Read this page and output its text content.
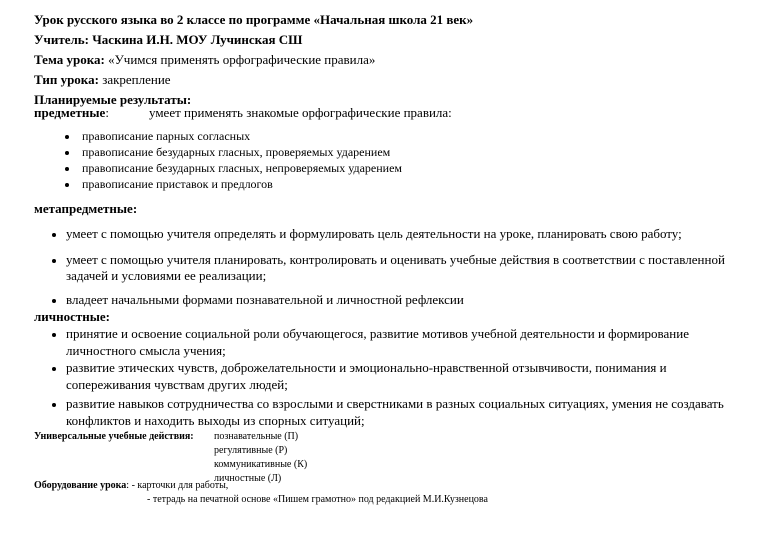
Урок русского языка во 2 классе по программе «Начальная школа 21 век»
Учитель: Часкина И.Н. МОУ Лучинская СШ
Тема урока: «Учимся применять орфографические правила»
Тип урока: закрепление
Планируемые результаты:
предметные:	умеет применять знакомые орфографические правила:
правописание парных согласных
правописание безударных гласных, проверяемых ударением
правописание безударных гласных, непроверяемых ударением
правописание приставок и предлогов
метапредметные:
умеет с помощью учителя определять и формулировать цель деятельности на уроке, планировать свою работу;
умеет с помощью учителя планировать, контролировать и оценивать учебные действия в соответствии с поставленной
задачей и условиями ее реализации;
владеет начальными формами познавательной и личностной рефлексии
личностные:
принятие и освоение социальной роли обучающегося, развитие мотивов учебной деятельности и формирование
личностного смысла учения;
развитие этических чувств, доброжелательности и эмоционально-нравственной отзывчивости, понимания и
сопереживания чувствам других людей;
развитие навыков сотрудничества со взрослыми и сверстниками в разных социальных ситуациях, умения не создавать
конфликтов и находить выходы из спорных ситуаций;
Универсальные учебные действия: познавательные (П)
регулятивные (Р)
коммуникативные (К)
личностные (Л)
Оборудование урока: - карточки для работы,
- тетрадь на печатной основе «Пишем грамотно» под редакцией М.И.Кузнецова
